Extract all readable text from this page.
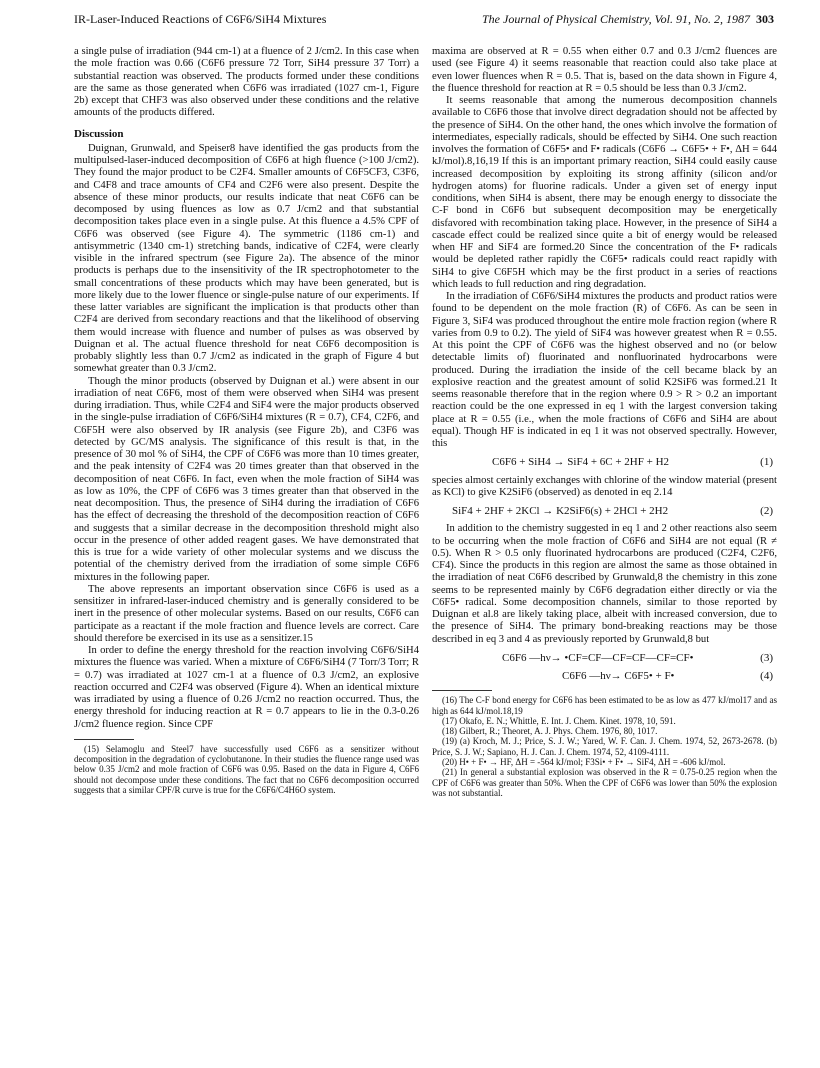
IR-Laser-Induced Reactions of C6F6/SiH4 Mixtures	The Journal of Physical Chemistry, Vol. 91, No. 2, 1987 303

a single pulse of irradiation (944 cm-1) at a fluence of 2 J/cm2. In this case when the mole fraction was 0.66 (C6F6 pressure 72 Torr, SiH4 pressure 37 Torr) a substantial reaction was observed. The products formed under these conditions are the same as those generated when C6F6 was irradiated (1027 cm-1, Figure 2b) except that CHF3 was also observed under these conditions and the relative amounts of the products differed.

Discussion

Duignan, Grunwald, and Speiser8 have identified the gas products from the multipulsed-laser-induced decomposition of C6F6 at high fluence (>100 J/cm2). They found the major product to be C2F4. Smaller amounts of C6F5CF3, C3F6, and C4F8 and trace amounts of CF4 and C2F6 were also present. Despite the absence of these minor products, our results indicate that neat C6F6 can be decomposed by using fluences as low as 0.7 J/cm2 and that substantial decomposition takes place even in a single pulse. At this fluence a 4.5% CPF of C6F6 was observed (see Figure 4). The symmetric (1186 cm-1) and antisymmetric (1340 cm-1) stretching bands, indicative of C2F4, were clearly visible in the infrared spectrum (see Figure 2a). The absence of the minor products is perhaps due to the insensitivity of the IR spectrophotometer to the small concentrations of these products which may have been generated, but is more likely due to the lower fluence or single-pulse nature of our experiments. If these latter variables are significant the implication is that products other than C2F4 are derived from secondary reactions and that the likelihood of observing them would increase with fluence and number of pulses as was observed by Duignan et al. The actual fluence threshold for neat C6F6 decomposition is probably slightly less than 0.7 J/cm2 as indicated in the graph of Figure 4 but somewhat greater than 0.3 J/cm2.

Though the minor products (observed by Duignan et al.) were absent in our irradiation of neat C6F6, most of them were observed when SiH4 was present during irradiation. Thus, while C2F4 and SiF4 were the major products observed in the single-pulse irradiation of C6F6/SiH4 mixtures (R = 0.7), CF4, C2F6, and C6F5H were also observed by IR analysis (see Figure 2b), and C3F6 was detected by GC/MS analysis. The significance of this result is that, in the presence of 30 mol % of SiH4, the CPF of C6F6 was more than 10 times greater, and the peak intensity of C2F4 was 20 times greater than that observed in the decomposition of neat C6F6. In fact, even when the mole fraction of SiH4 was as low as 10%, the CPF of C6F6 was 3 times greater than that observed in the neat decomposition. Thus, the presence of SiH4 during the irradiation of C6F6 has the effect of decreasing the threshold of the decomposition reaction of C6F6 and suggests that a similar decrease in the decomposition threshold might also occur in the presence of other added reagent gases. We have demonstrated that this is true for a wide variety of other molecular systems and we discuss the potential of the chemistry derived from the irradiation of some simple C6F6 mixtures in the following paper.

The above represents an important observation since C6F6 is used as a sensitizer in infrared-laser-induced chemistry and is generally considered to be inert in the presence of other molecular systems. Based on our results, C6F6 can participate as a reactant if the mole fraction and fluence levels are correct. Care should therefore be exercised in its use as a sensitizer.15

In order to define the energy threshold for the reaction involving C6F6/SiH4 mixtures the fluence was varied. When a mixture of C6F6/SiH4 (7 Torr/3 Torr; R = 0.7) was irradiated at 1027 cm-1 at a fluence of 0.3 J/cm2, an explosive reaction occurred and C2F4 was observed (Figure 4). When an identical mixture was irradiated by using a fluence of 0.26 J/cm2 no reaction occurred. Thus, the energy threshold for inducing reaction at R = 0.7 appears to lie in the 0.3-0.26 J/cm2 fluence region. Since CPF

(15) Selamoglu and Steel7 have successfully used C6F6 as a sensitizer without decomposition in the degradation of cyclobutanone. In their studies the fluence range used was below 0.35 J/cm2 and mole fraction of C6F6 was 0.95. Based on the data in Figure 4, C6F6 should not decompose under these conditions. The fact that no C6F6 decomposition occurred suggests that a similar CPF/R curve is true for the C6F6/C4H6O system.

maxima are observed at R = 0.55 when either 0.7 and 0.3 J/cm2 fluences are used (see Figure 4) it seems reasonable that reaction could also take place at even lower fluences when R = 0.5. That is, based on the data shown in Figure 4, the fluence threshold for reaction at R = 0.5 should be less than 0.3 J/cm2.

It seems reasonable that among the numerous decomposition channels available to C6F6 those that involve direct degradation should not be affected by the presence of SiH4. On the other hand, the ones which involve the formation of intermediates, especially radicals, should be effected by SiH4. One such reaction involves the formation of C6F5• and F• radicals (C6F6 → C6F5• + F•, ΔH = 644 kJ/mol).8,16,19 If this is an important primary reaction, SiH4 could easily cause increased decomposition by exploiting its strong affinity (silicon and/or hydrogen atoms) for fluorine radicals. Under a given set of energy input conditions, when SiH4 is absent, there may be enough energy to dissociate the C-F bond in C6F6 but subsequent decomposition may be energetically disfavored with recombination taking place. However, in the presence of SiH4 a cascade effect could be realized since quite a bit of energy would be released when HF and SiF4 are formed.20 Since the concentration of the F• radicals would be depleted rather rapidly the C6F5• radicals could react rapidly with SiH4 to give C6F5H which may be the first product in a series of reactions which leads to full reduction and ring degradation.

In the irradiation of C6F6/SiH4 mixtures the products and product ratios were found to be dependent on the mole fraction (R) of C6F6. As can be seen in Figure 3, SiF4 was produced throughout the entire mole fraction region (where R varies from 0.9 to 0.2). The yield of SiF4 was however greatest when R = 0.55. At this point the CPF of C6F6 was the highest observed and no (or below detectable limits of) fluorinated and nonfluorinated hydrocarbons were produced. During the irradiation the inside of the cell became black by an explosive reaction and the greatest amount of solid K2SiF6 was formed.21 It seems reasonable therefore that in the region where 0.9 > R > 0.2 an important reaction could be the one expressed in eq 1 with the largest conversion taking place at R = 0.55 (i.e., when the mole fractions of C6F6 and SiH4 are about equal). Though HF is indicated in eq 1 it was not observed spectrally. However, this

C6F6 + SiH4 → SiF4 + 6C + 2HF + H2	(1)

species almost certainly exchanges with chlorine of the window material (present as KCl) to give K2SiF6 (observed) as denoted in eq 2.14

SiF4 + 2HF + 2KCl → K2SiF6(s) + 2HCl + 2H2	(2)

In addition to the chemistry suggested in eq 1 and 2 other reactions also seem to be occurring when the mole fraction of C6F6 and SiH4 are not equal (R ≠ 0.5). When R > 0.5 only fluorinated hydrocarbons are produced (C2F4, C2F6, CF4). Since the products in this region are almost the same as those obtained in the irradiation of neat C6F6 described by Grunwald,8 the chemistry in this zone seems to be represented mainly by C6F6 degradation either directly or via the C6F5• radical. Some decomposition channels, similar to those reported by Duignan et al.8 are likely taking place, albeit with increased conversion, due to the presence of SiH4. The primary bond-breaking reactions may be those described in eq 3 and 4 as previously reported by Grunwald,8 but

C6F6 —hν→ •CF=CF—CF=CF—CF=CF•	(3)
C6F6 —hν→ C6F5• + F•	(4)

(16) The C-F bond energy for C6F6 has been estimated to be as low as 477 kJ/mol17 and as high as 644 kJ/mol.18,19

(17) Okafo, E. N.; Whittle, E. Int. J. Chem. Kinet. 1978, 10, 591.

(18) Gilbert, R.; Theoret, A. J. Phys. Chem. 1976, 80, 1017.

(19) (a) Kroch, M. J.; Price, S. J. W.; Yared, W. F. Can. J. Chem. 1974, 52, 2673-2678. (b) Price, S. J. W.; Sapiano, H. J. Can. J. Chem. 1974, 52, 4109-4111.

(20) H• + F• → HF, ΔH = -564 kJ/mol; F3Si• + F• → SiF4, ΔH = -606 kJ/mol.

(21) In general a substantial explosion was observed in the R = 0.75-0.25 region when the CPF of C6F6 was greater than 50%. When the CPF of C6F6 was lower than 50% the explosion was not substantial.
